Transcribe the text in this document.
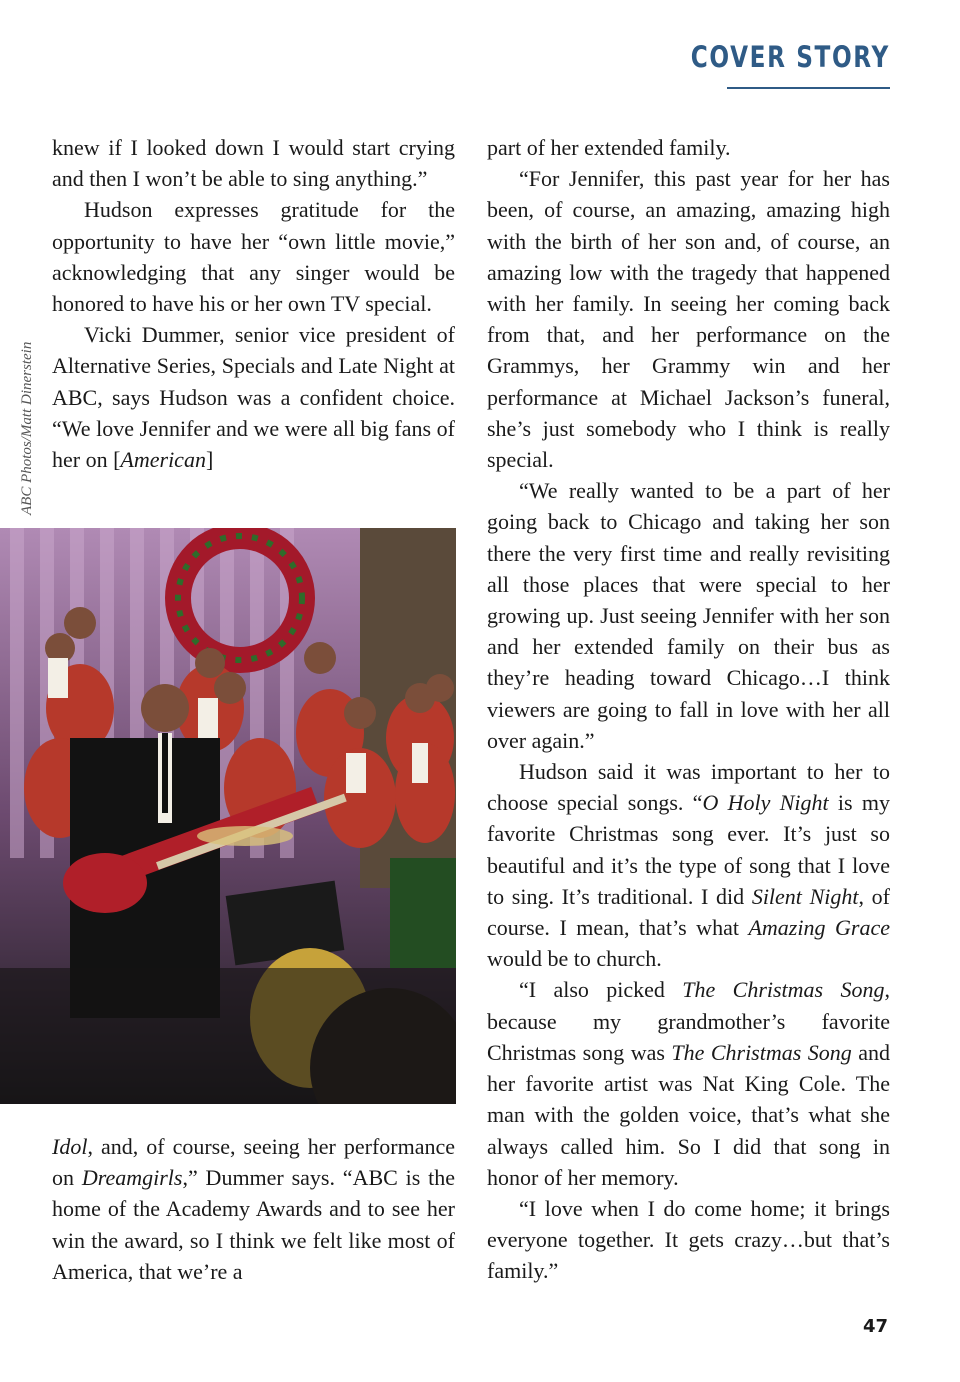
COVER STORY
ABC Photos/Matt Dinerstein

knew if I looked down I would start crying and then I won’t be able to sing anything.”

Hudson expresses gratitude for the opportunity to have her “own little movie,” acknowledging that any singer would be honored to have his or her own TV special.

Vicki Dummer, senior vice president of Alternative Series, Specials and Late Night at ABC, says Hudson was a confident choice. “We love Jennifer and we were all big fans of her on [American]

Idol, and, of course, seeing her performance on Dreamgirls,” Dummer says. “ABC is the home of the Academy Awards and to see her win the award, so I think we felt like most of America, that we’re a

part of her extended family.

“For Jennifer, this past year for her has been, of course, an amazing, amazing high with the birth of her son and, of course, an amazing low with the tragedy that happened with her family. In seeing her coming back from that, and her performance on the Grammys, her Grammy win and her performance at Michael Jackson’s funeral, she’s just somebody who I think is really special.

“We really wanted to be a part of her going back to Chicago and taking her son there the very first time and really revisiting all those places that were special to her growing up. Just seeing Jennifer with her son and her extended family on their bus as they’re heading toward Chicago…I think viewers are going to fall in love with her all over again.”

Hudson said it was important to her to choose special songs. “O Holy Night is my favorite Christmas song ever. It’s just so beautiful and it’s the type of song that I love to sing. It’s traditional. I did Silent Night, of course. I mean, that’s what Amazing Grace would be to church.

“I also picked The Christmas Song, because my grandmother’s favorite Christmas song was The Christmas Song and her favorite artist was Nat King Cole. The man with the golden voice, that’s what she always called him. So I did that song in honor of her memory.

“I love when I do come home; it brings everyone together. It gets crazy…but that’s family.”

47
